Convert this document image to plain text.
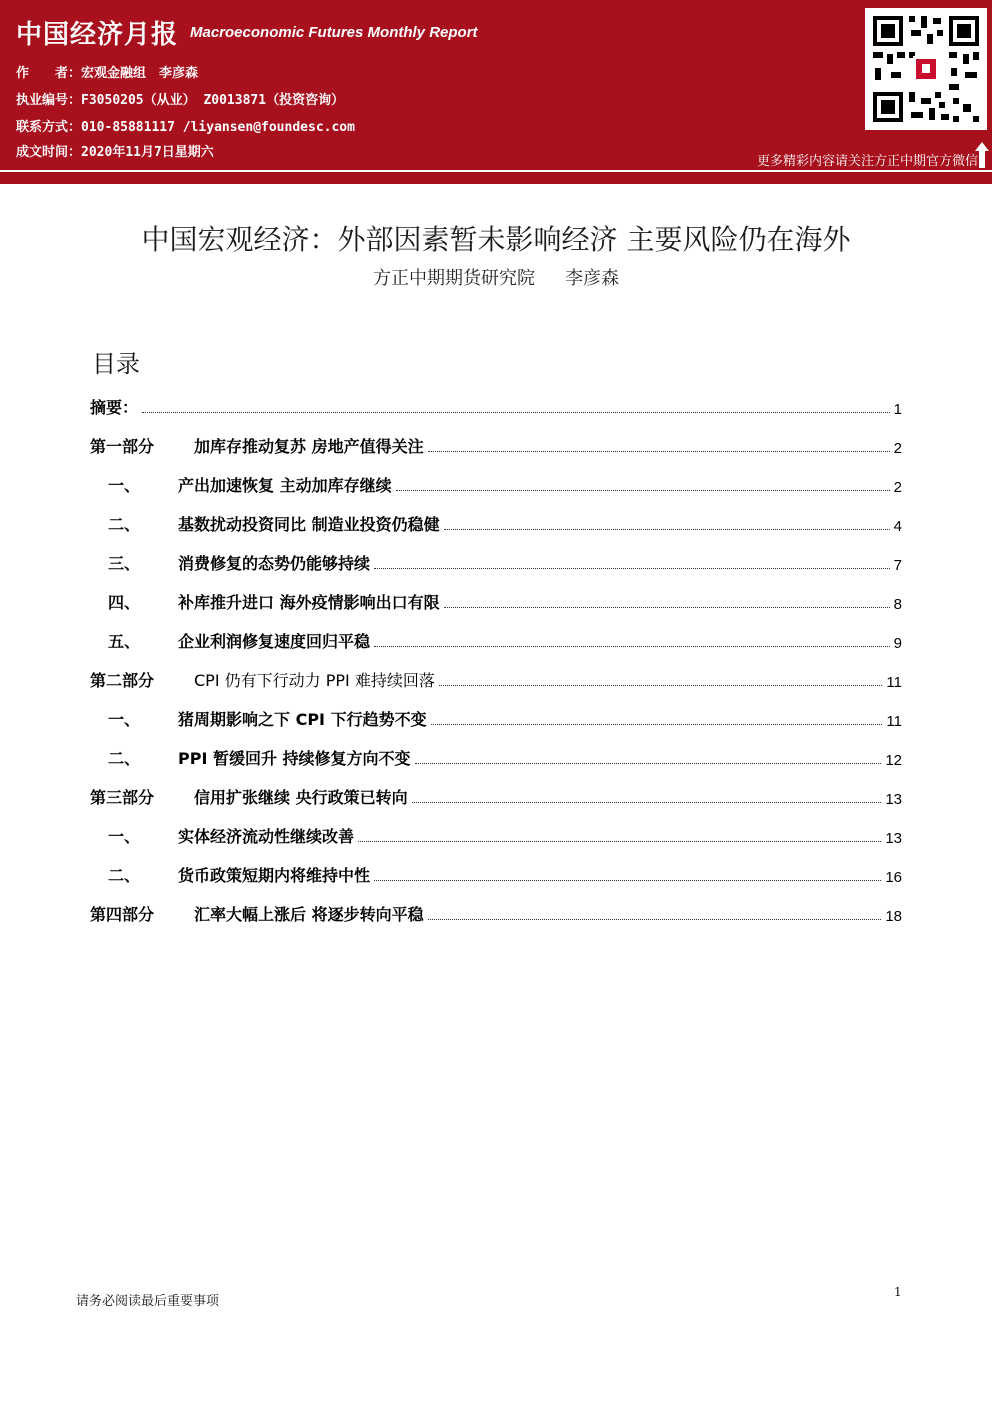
中国经济月报 Macroeconomic Futures Monthly Report
作　　者：宏观金融组　李彦森
执业编号：F3050205（从业） Z0013871（投资咨询）
联系方式：010-85881117 /liyansen@foundesc.com
成文时间：2020年11月7日星期六
更多精彩内容请关注方正中期官方微信
中国宏观经济：外部因素暂未影响经济 主要风险仍在海外
方正中期期货研究院 李彦森
目录
摘要：	1
第一部分	加库存推动复苏 房地产值得关注	2
一、	产出加速恢复 主动加库存继续	2
二、	基数扰动投资同比 制造业投资仍稳健	4
三、	消费修复的态势仍能够持续	7
四、	补库推升进口 海外疫情影响出口有限	8
五、	企业利润修复速度回归平稳	9
第二部分	CPI 仍有下行动力 PPI 难持续回落	11
一、	猪周期影响之下 CPI 下行趋势不变	11
二、	PPI 暂缓回升 持续修复方向不变	12
第三部分	信用扩张继续 央行政策已转向	13
一、	实体经济流动性继续改善	13
二、	货币政策短期内将维持中性	16
第四部分	汇率大幅上涨后 将逐步转向平稳	18
请务必阅读最后重要事项
1
